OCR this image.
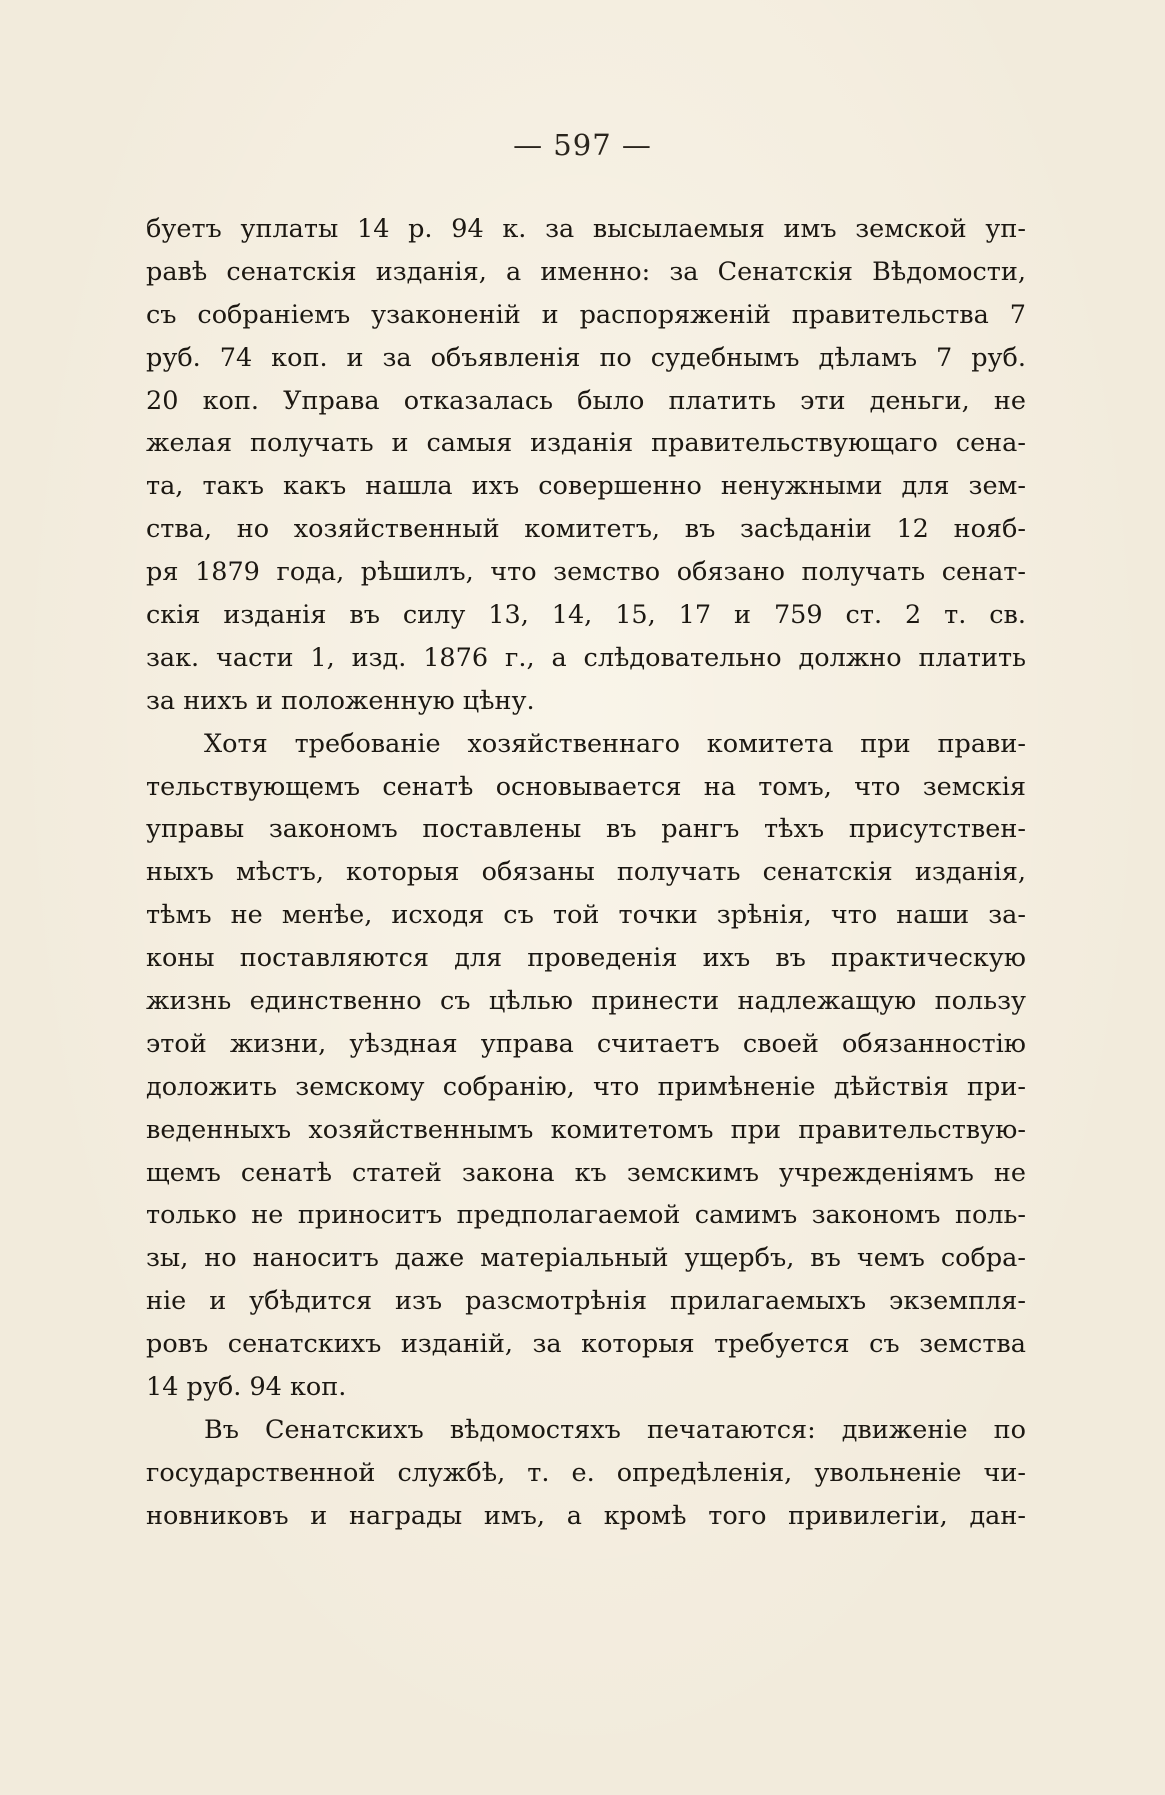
— 597 —
буетъ уплаты 14 р. 94 к. за высылаемыя имъ земской уп-
равѣ сенатскія изданія, а именно: за Сенатскія Вѣдомости,
съ собраніемъ узаконеній и распоряженій правительства 7
руб. 74 коп. и за объявленія по судебнымъ дѣламъ 7 руб.
20 коп. Управа отказалась было платить эти деньги, не
желая получать и самыя изданія правительствующаго сена-
та, такъ какъ нашла ихъ совершенно ненужными для зем-
ства, но хозяйственный комитетъ, въ засѣданіи 12 нояб-
ря 1879 года, рѣшилъ, что земство обязано получать сенат-
скія изданія въ силу 13, 14, 15, 17 и 759 ст. 2 т. св.
зак. части 1, изд. 1876 г., а слѣдовательно должно платить
за нихъ и положенную цѣну.
Хотя требованіе хозяйственнаго комитета при прави-
тельствующемъ сенатѣ основывается на томъ, что земскія
управы закономъ поставлены въ рангъ тѣхъ присутствен-
ныхъ мѣстъ, которыя обязаны получать сенатскія изданія,
тѣмъ не менѣе, исходя съ той точки зрѣнія, что наши за-
коны поставляются для проведенія ихъ въ практическую
жизнь единственно съ цѣлью принести надлежащую пользу
этой жизни, уѣздная управа считаетъ своей обязанностію
доложить земскому собранію, что примѣненіе дѣйствія при-
веденныхъ хозяйственнымъ комитетомъ при правительствую-
щемъ сенатѣ статей закона къ земскимъ учрежденіямъ не
только не приноситъ предполагаемой самимъ закономъ поль-
зы, но наноситъ даже матеріальный ущербъ, въ чемъ собра-
ніе и убѣдится изъ разсмотрѣнія прилагаемыхъ экземпля-
ровъ сенатскихъ изданій, за которыя требуется съ земства
14 руб. 94 коп.
Въ Сенатскихъ вѣдомостяхъ печатаются: движеніе по
государственной службѣ, т. е. опредѣленія, увольненіе чи-
новниковъ и награды имъ, а кромѣ того привилегіи, дан-
